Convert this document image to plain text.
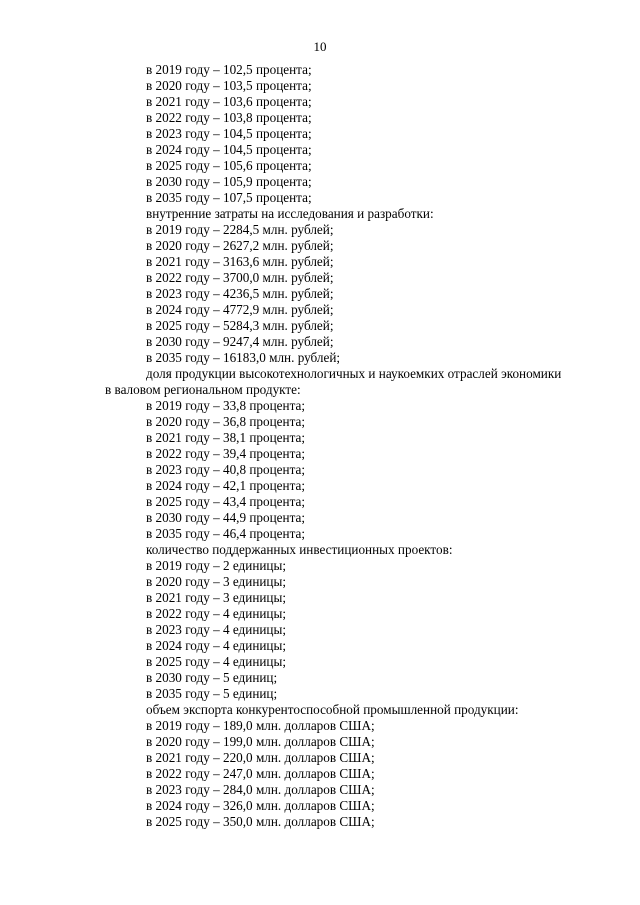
10
в 2019 году – 102,5 процента;
в 2020 году – 103,5 процента;
в 2021 году – 103,6 процента;
в 2022 году – 103,8 процента;
в 2023 году – 104,5 процента;
в 2024 году – 104,5 процента;
в 2025 году – 105,6 процента;
в 2030 году – 105,9 процента;
в 2035 году – 107,5 процента;
внутренние затраты на исследования и разработки:
в 2019 году – 2284,5 млн. рублей;
в 2020 году – 2627,2 млн. рублей;
в 2021 году – 3163,6 млн. рублей;
в 2022 году – 3700,0 млн. рублей;
в 2023 году – 4236,5 млн. рублей;
в 2024 году – 4772,9 млн. рублей;
в 2025 году – 5284,3 млн. рублей;
в 2030 году – 9247,4 млн. рублей;
в 2035 году – 16183,0 млн. рублей;
доля продукции высокотехнологичных и наукоемких отраслей экономики
в валовом региональном продукте:
в 2019 году – 33,8 процента;
в 2020 году – 36,8 процента;
в 2021 году – 38,1 процента;
в 2022 году – 39,4 процента;
в 2023 году – 40,8 процента;
в 2024 году – 42,1 процента;
в 2025 году – 43,4 процента;
в 2030 году – 44,9 процента;
в 2035 году – 46,4 процента;
количество поддержанных инвестиционных проектов:
в 2019 году – 2 единицы;
в 2020 году – 3 единицы;
в 2021 году – 3 единицы;
в 2022 году – 4 единицы;
в 2023 году – 4 единицы;
в 2024 году – 4 единицы;
в 2025 году – 4 единицы;
в 2030 году – 5 единиц;
в 2035 году – 5 единиц;
объем экспорта конкурентоспособной промышленной продукции:
в 2019 году – 189,0 млн. долларов США;
в 2020 году – 199,0 млн. долларов США;
в 2021 году – 220,0 млн. долларов США;
в 2022 году – 247,0 млн. долларов США;
в 2023 году – 284,0 млн. долларов США;
в 2024 году – 326,0 млн. долларов США;
в 2025 году – 350,0 млн. долларов США;
